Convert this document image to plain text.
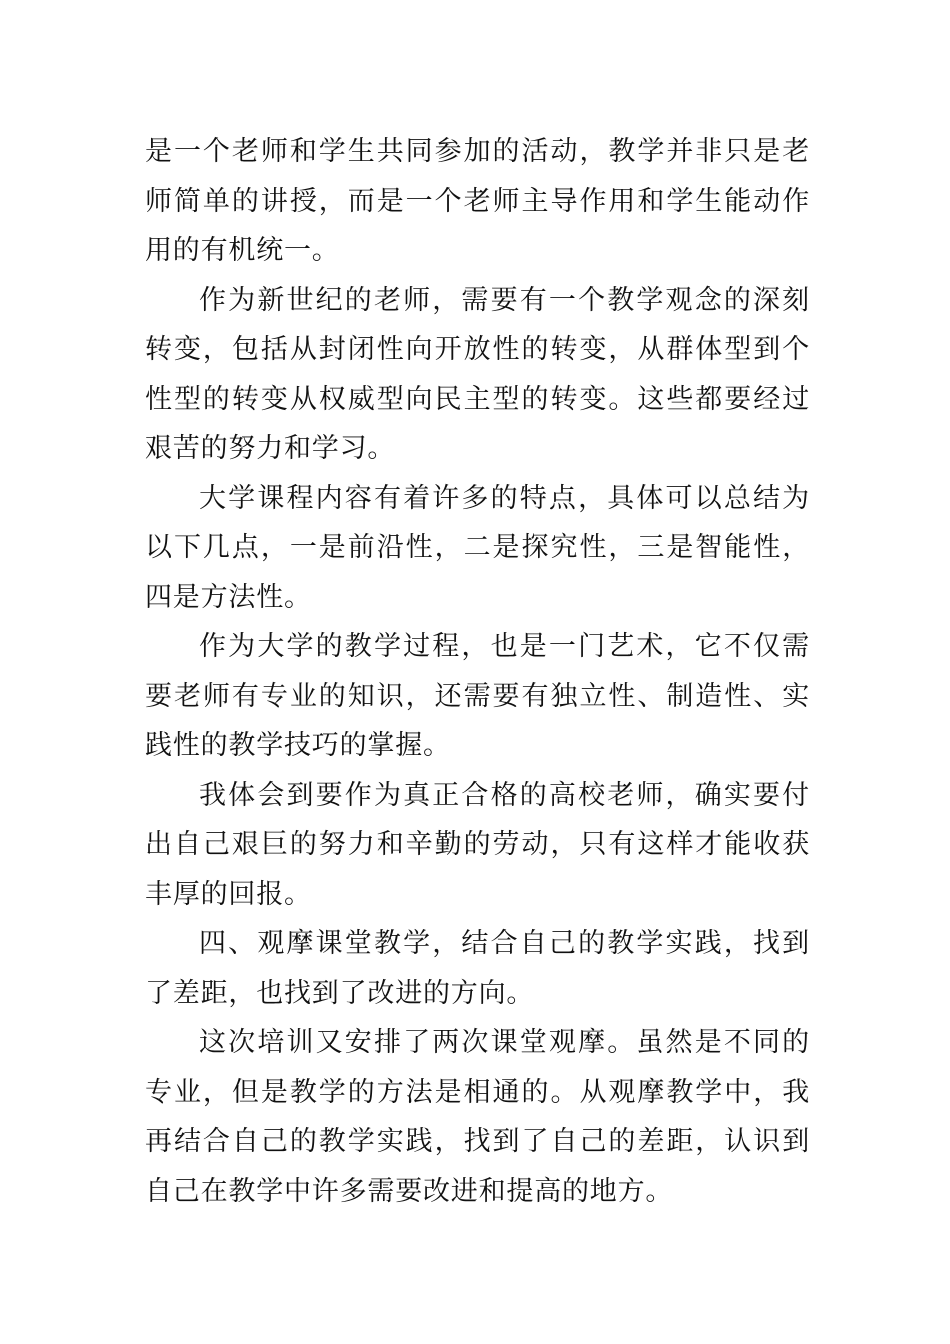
是一个老师和学生共同参加的活动，教学并非只是老师简单的讲授，而是一个老师主导作用和学生能动作用的有机统一。

作为新世纪的老师，需要有一个教学观念的深刻转变，包括从封闭性向开放性的转变，从群体型到个性型的转变从权威型向民主型的转变。这些都要经过艰苦的努力和学习。

大学课程内容有着许多的特点，具体可以总结为以下几点，一是前沿性，二是探究性，三是智能性，四是方法性。

作为大学的教学过程，也是一门艺术，它不仅需要老师有专业的知识，还需要有独立性、制造性、实践性的教学技巧的掌握。

我体会到要作为真正合格的高校老师，确实要付出自己艰巨的努力和辛勤的劳动，只有这样才能收获丰厚的回报。

四、观摩课堂教学，结合自己的教学实践，找到了差距，也找到了改进的方向。

这次培训又安排了两次课堂观摩。虽然是不同的专业，但是教学的方法是相通的。从观摩教学中，我再结合自己的教学实践，找到了自己的差距，认识到自己在教学中许多需要改进和提高的地方。
